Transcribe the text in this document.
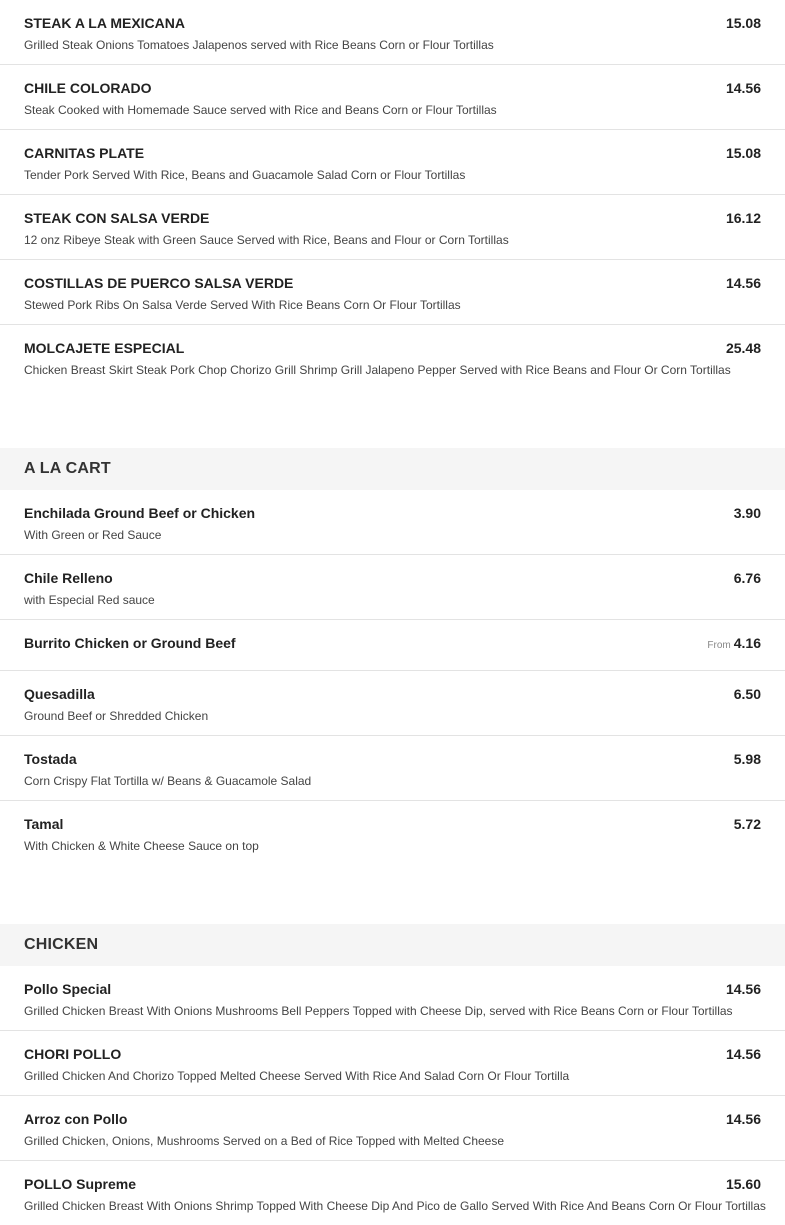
STEAK A LA MEXICANA	15.08
Grilled Steak Onions Tomatoes Jalapenos served with Rice Beans Corn or Flour Tortillas
CHILE COLORADO	14.56
Steak Cooked with Homemade Sauce served with Rice and Beans Corn or Flour Tortillas
CARNITAS PLATE	15.08
Tender Pork Served With Rice, Beans and Guacamole Salad Corn or Flour Tortillas
STEAK CON SALSA VERDE	16.12
12 onz Ribeye Steak with Green Sauce Served with Rice, Beans and Flour or Corn Tortillas
COSTILLAS DE PUERCO SALSA VERDE	14.56
Stewed Pork Ribs On Salsa Verde Served With Rice Beans Corn Or Flour Tortillas
MOLCAJETE ESPECIAL	25.48
Chicken Breast Skirt Steak Pork Chop Chorizo Grill Shrimp Grill Jalapeno Pepper Served with Rice Beans and Flour Or Corn Tortillas
A LA CART
Enchilada Ground Beef or Chicken	3.90
With Green or Red Sauce
Chile Relleno	6.76
with Especial Red sauce
Burrito Chicken or Ground Beef	From 4.16
Quesadilla	6.50
Ground Beef or Shredded Chicken
Tostada	5.98
Corn Crispy Flat Tortilla w/ Beans & Guacamole Salad
Tamal	5.72
With Chicken & White Cheese Sauce on top
CHICKEN
Pollo Special	14.56
Grilled Chicken Breast With Onions Mushrooms Bell Peppers Topped with Cheese Dip, served with Rice Beans Corn or Flour Tortillas
CHORI POLLO	14.56
Grilled Chicken And Chorizo Topped Melted Cheese Served With Rice And Salad Corn Or Flour Tortilla
Arroz con Pollo	14.56
Grilled Chicken, Onions, Mushrooms Served on a Bed of Rice Topped with Melted Cheese
POLLO Supreme	15.60
Grilled Chicken Breast With Onions Shrimp Topped With Cheese Dip And Pico de Gallo Served With Rice And Beans Corn Or Flour Tortillas
